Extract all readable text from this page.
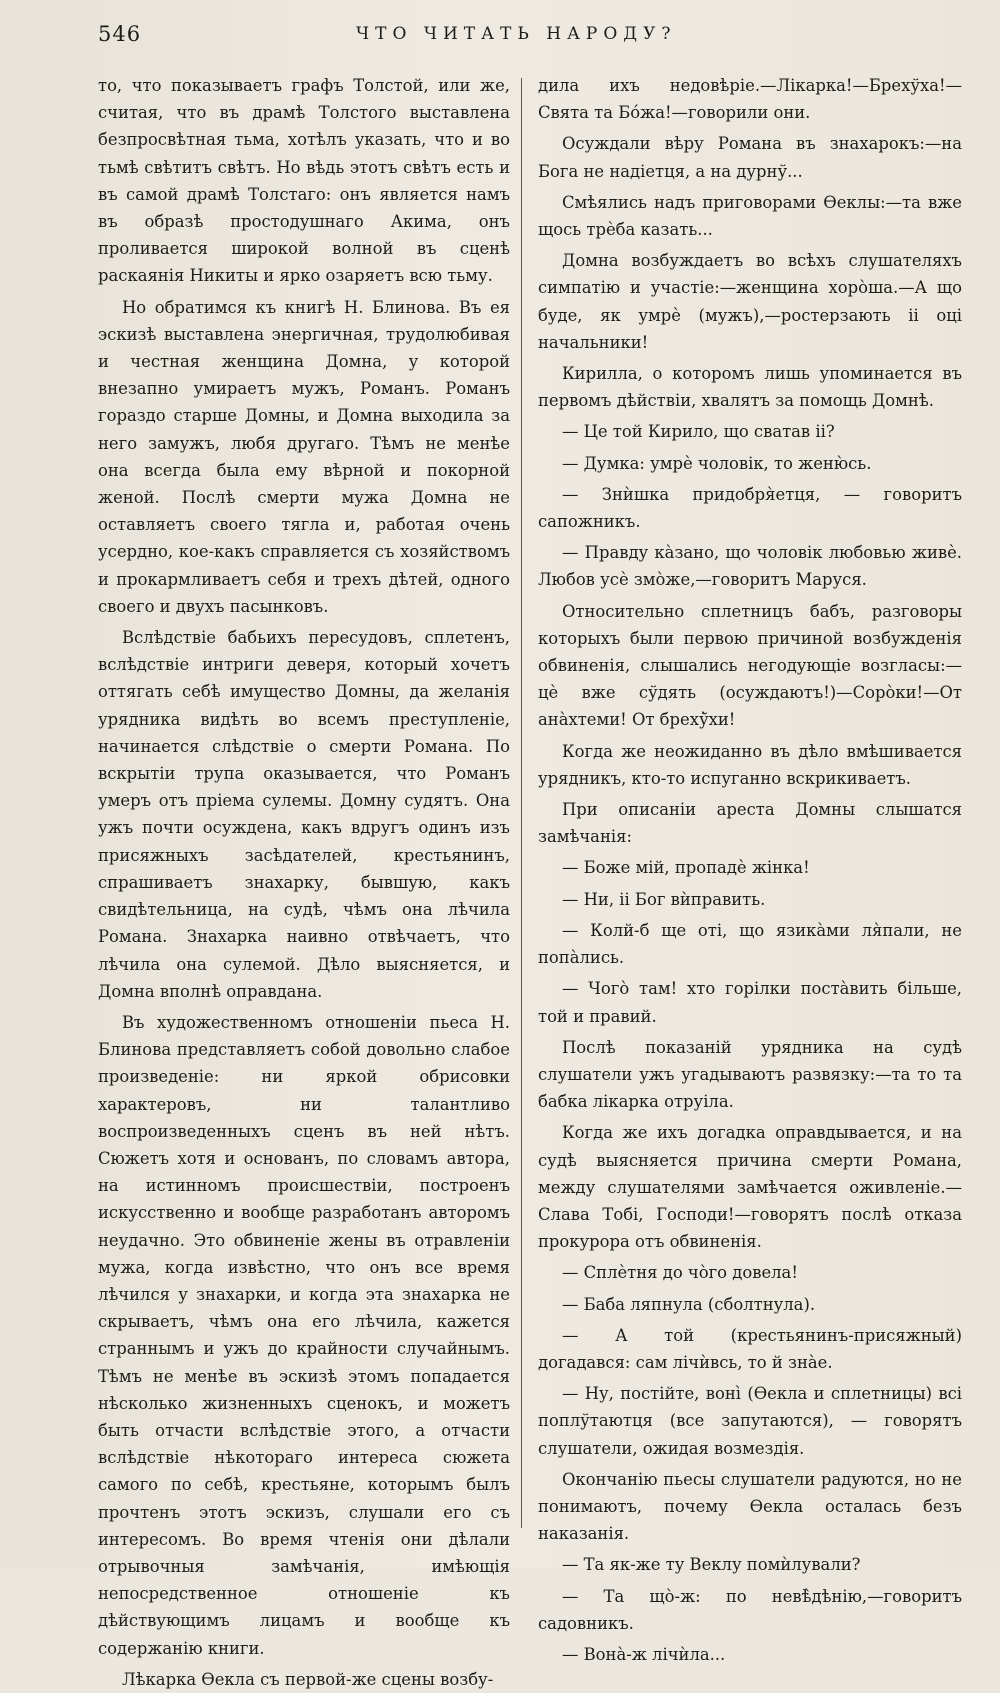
546	ЧТО ЧИТАТЬ НАРОДУ?

то, что показываетъ графъ Толстой, или же, считая, что въ драмѣ Толстого выставлена безпросвѣтная тьма, хотѣлъ указать, что и во тьмѣ свѣтитъ свѣтъ. Но вѣдь этотъ свѣтъ есть и въ самой драмѣ Толстаго: онъ является намъ въ образѣ простодушнаго Акима, онъ проливается широкой волной въ сценѣ раскаянія Никиты и ярко озаряетъ всю тьму.

Но обратимся къ книгѣ Н. Блинова. Въ ея эскизѣ выставлена энергичная, трудолюбивая и честная женщина Домна, у которой внезапно умираетъ мужъ, Романъ. Романъ гораздо старше Домны, и Домна выходила за него замужъ, любя другаго. Тѣмъ не менѣе она всегда была ему вѣрной и покорной женой. Послѣ смерти мужа Домна не оставляетъ своего тягла и, работая очень усердно, кое-какъ справляется съ хозяйствомъ и прокармливаетъ себя и трехъ дѣтей, одного своего и двухъ пасынковъ.

Вслѣдствіе бабьихъ пересудовъ, сплетенъ, вслѣдствіе интриги деверя, который хочетъ оттягать себѣ имущество Домны, да желанія урядника видѣть во всемъ преступленіе, начинается слѣдствіе о смерти Романа. По вскрытіи трупа оказывается, что Романъ умеръ отъ пріема сулемы. Домну судятъ. Она ужъ почти осуждена, какъ вдругъ одинъ изъ присяжныхъ засѣдателей, крестьянинъ, спрашиваетъ знахарку, бывшую, какъ свидѣтельница, на судѣ, чѣмъ она лѣчила Романа. Знахарка наивно отвѣчаетъ, что лѣчила она сулемой. Дѣло выясняется, и Домна вполнѣ оправдана.

Въ художественномъ отношеніи пьеса Н. Блинова представляетъ собой довольно слабое произведеніе: ни яркой обрисовки характеровъ, ни талантливо воспроизведенныхъ сценъ въ ней нѣтъ. Сюжетъ хотя и основанъ, по словамъ автора, на истинномъ происшествіи, построенъ искусственно и вообще разработанъ авторомъ неудачно. Это обвиненіе жены въ отравленіи мужа, когда извѣстно, что онъ все время лѣчился у знахарки, и когда эта знахарка не скрываетъ, чѣмъ она его лѣчила, кажется страннымъ и ужъ до крайности случайнымъ. Тѣмъ не менѣе въ эскизѣ этомъ попадается нѣсколько жизненныхъ сценокъ, и можетъ быть отчасти вслѣдствіе этого, а отчасти вслѣдствіе нѣкотораго интереса сюжета самого по себѣ, крестьяне, которымъ былъ прочтенъ этотъ эскизъ, слушали его съ интересомъ. Во время чтенія они дѣлали отрывочныя замѣчанія, имѣющія непосредственное отношеніе къ дѣйствующимъ лицамъ и вообще къ содержанію книги.

Лѣкарка Ѳекла съ первой-же сцены возбу-

дила ихъ недовѣріе.—Лікарка!—Брехўха!—Свята та Бо́жа!—говорили они.

Осуждали вѣру Романа въ знахарокъ:—на Бога не надіетця, а на дурнў...

Смѣялись надъ приговорами Ѳеклы:—та вже щось трѐба казать...

Домна возбуждаетъ во всѣхъ слушателяхъ симпатію и участіе:—женщина хоро̀ша.—А що буде, як умрѐ (мужъ),—ростерзають іі оці начальники!

Кирилла, о которомъ лишь упоминается въ первомъ дѣйствіи, хвалятъ за помощь Домнѣ.

— Це той Кирило, що сватав іі?

— Думка: умрѐ чоловік, то женю̀сь.

— Знѝшка придобря̀етця, — говоритъ сапожникъ.

— Правду ка̀зано, що чоловік любовью живѐ. Любов усѐ змо̀же,—говоритъ Маруся.

Относительно сплетницъ бабъ, разговоры которыхъ были первою причиной возбужденія обвиненія, слышались негодующіе возгласы:—цѐ вже сўдять (осуждаютъ!)—Соро̀ки!—От ана̀хтеми! От брехў̀хи!

Когда же неожиданно въ дѣло вмѣшивается урядникъ, кто-то испуганно вскрикиваетъ.

При описаніи ареста Домны слышатся замѣчанія:

— Боже мій, пропадѐ жінка!

— Ни, іі Бог вѝправить.

— Колй-б ще отi, що язика̀ми ля̀пали, не попа̀лись.

— Чого̀ там! хто горілки поста̀вить більше, той и правий.

Послѣ показаній урядника на судѣ слушатели ужъ угадываютъ развязку:—та то та бабка лікарка отруіла.

Когда же ихъ догадка оправдывается, и на судѣ выясняется причина смерти Романа, между слушателями замѣчается оживленіе.—Слава Тобі, Господи!—говорятъ послѣ отказа прокурора отъ обвиненія.

— Сплѐтня до чо̀го довела!

— Баба ляпнула (сболтнула).

— А той (крестьянинъ-присяжный) догадався: сам лічѝвсь, то й зна̀е.

— Ну, постійте, воні̀ (Ѳекла и сплетницы) всі поплўтаютця (все запутаются), — говорятъ слушатели, ожидая возмездія.

Окончанію пьесы слушатели радуются, но не понимаютъ, почему Ѳекла осталась безъ наказанія.

— Та як-же ту Веклу помѝлували?

— Та що̀-ж: по невѣ̀дѣнію,—говоритъ садовникъ.

— Вона̀-ж лічѝла...
